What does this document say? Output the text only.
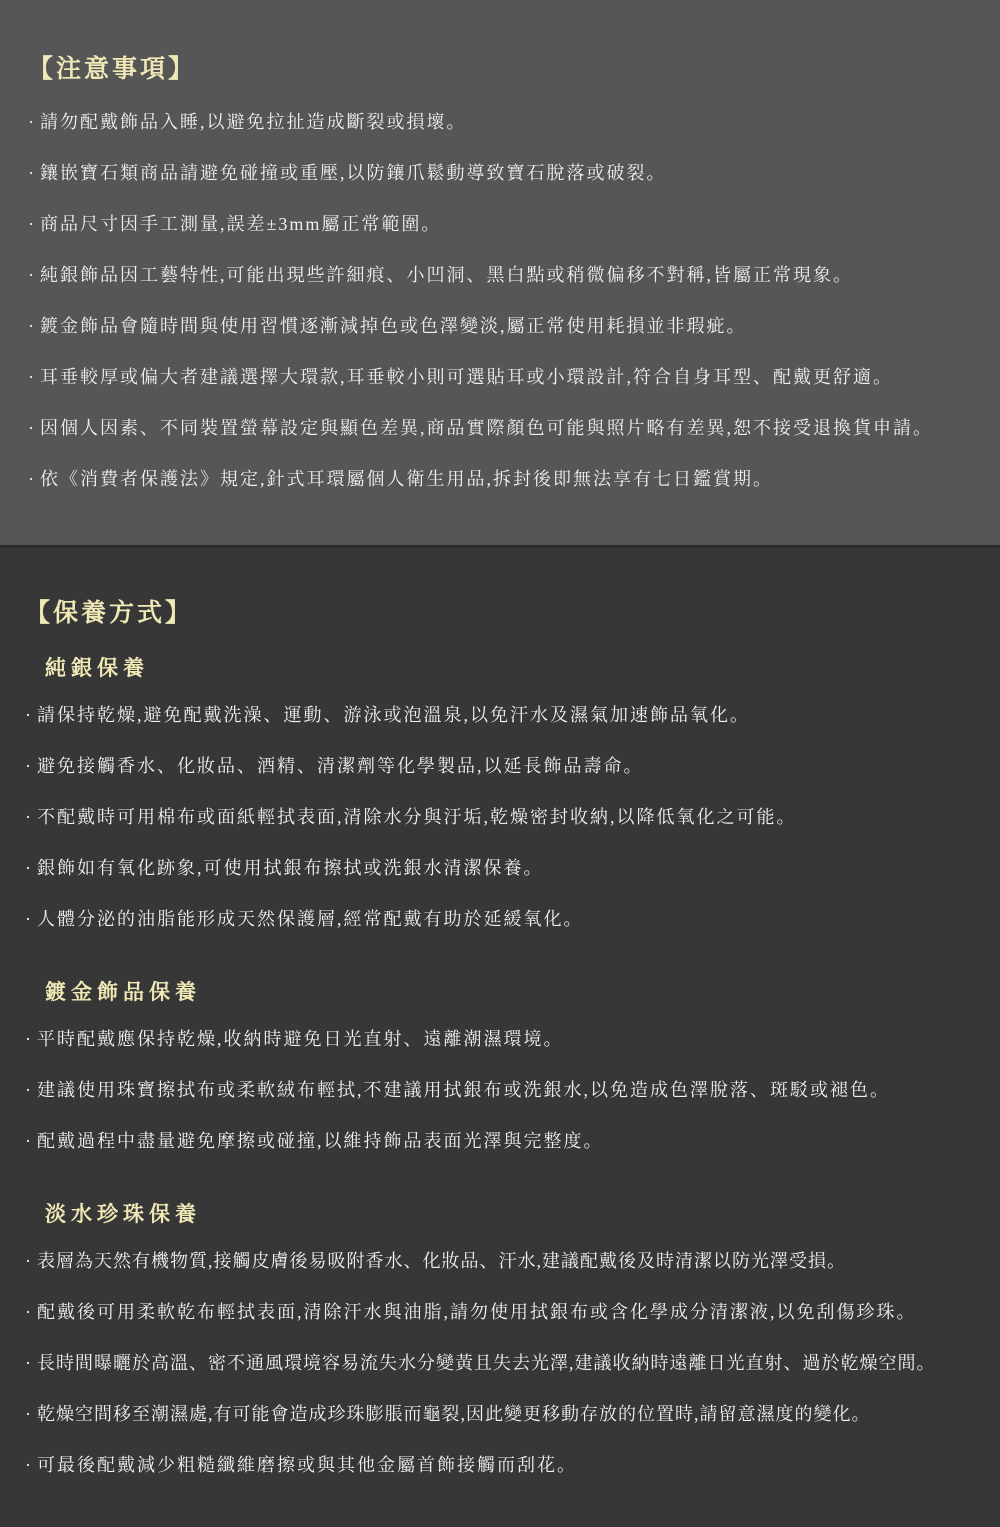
【注意事項】

· 請勿配戴飾品入睡,以避免拉扯造成斷裂或損壞。

· 鑲嵌寶石類商品請避免碰撞或重壓,以防鑲爪鬆動導致寶石脫落或破裂。

· 商品尺寸因手工測量,誤差±3mm屬正常範圍。

· 純銀飾品因工藝特性,可能出現些許細痕、小凹洞、黑白點或稍微偏移不對稱,皆屬正常現象。

· 鍍金飾品會隨時間與使用習慣逐漸減掉色或色澤變淡,屬正常使用耗損並非瑕疵。

· 耳垂較厚或偏大者建議選擇大環款,耳垂較小則可選貼耳或小環設計,符合自身耳型、配戴更舒適。

· 因個人因素、不同裝置螢幕設定與顯色差異,商品實際顏色可能與照片略有差異,恕不接受退換貨申請。

· 依《消費者保護法》規定,針式耳環屬個人衛生用品,拆封後即無法享有七日鑑賞期。

【保養方式】
純銀保養

· 請保持乾燥,避免配戴洗澡、運動、游泳或泡溫泉,以免汗水及濕氣加速飾品氧化。

· 避免接觸香水、化妝品、酒精、清潔劑等化學製品,以延長飾品壽命。

· 不配戴時可用棉布或面紙輕拭表面,清除水分與汙垢,乾燥密封收納,以降低氧化之可能。

· 銀飾如有氧化跡象,可使用拭銀布擦拭或洗銀水清潔保養。

· 人體分泌的油脂能形成天然保護層,經常配戴有助於延緩氧化。

鍍金飾品保養

· 平時配戴應保持乾燥,收納時避免日光直射、遠離潮濕環境。

· 建議使用珠寶擦拭布或柔軟絨布輕拭,不建議用拭銀布或洗銀水,以免造成色澤脫落、斑駁或褪色。

· 配戴過程中盡量避免摩擦或碰撞,以維持飾品表面光澤與完整度。

淡水珍珠保養

· 表層為天然有機物質,接觸皮膚後易吸附香水、化妝品、汗水,建議配戴後及時清潔以防光澤受損。

· 配戴後可用柔軟乾布輕拭表面,清除汗水與油脂,請勿使用拭銀布或含化學成分清潔液,以免刮傷珍珠。

· 長時間曝曬於高溫、密不通風環境容易流失水分變黃且失去光澤,建議收納時遠離日光直射、過於乾燥空間。

· 乾燥空間移至潮濕處,有可能會造成珍珠膨脹而龜裂,因此變更移動存放的位置時,請留意濕度的變化。

· 可最後配戴減少粗糙纖維磨擦或與其他金屬首飾接觸而刮花。
